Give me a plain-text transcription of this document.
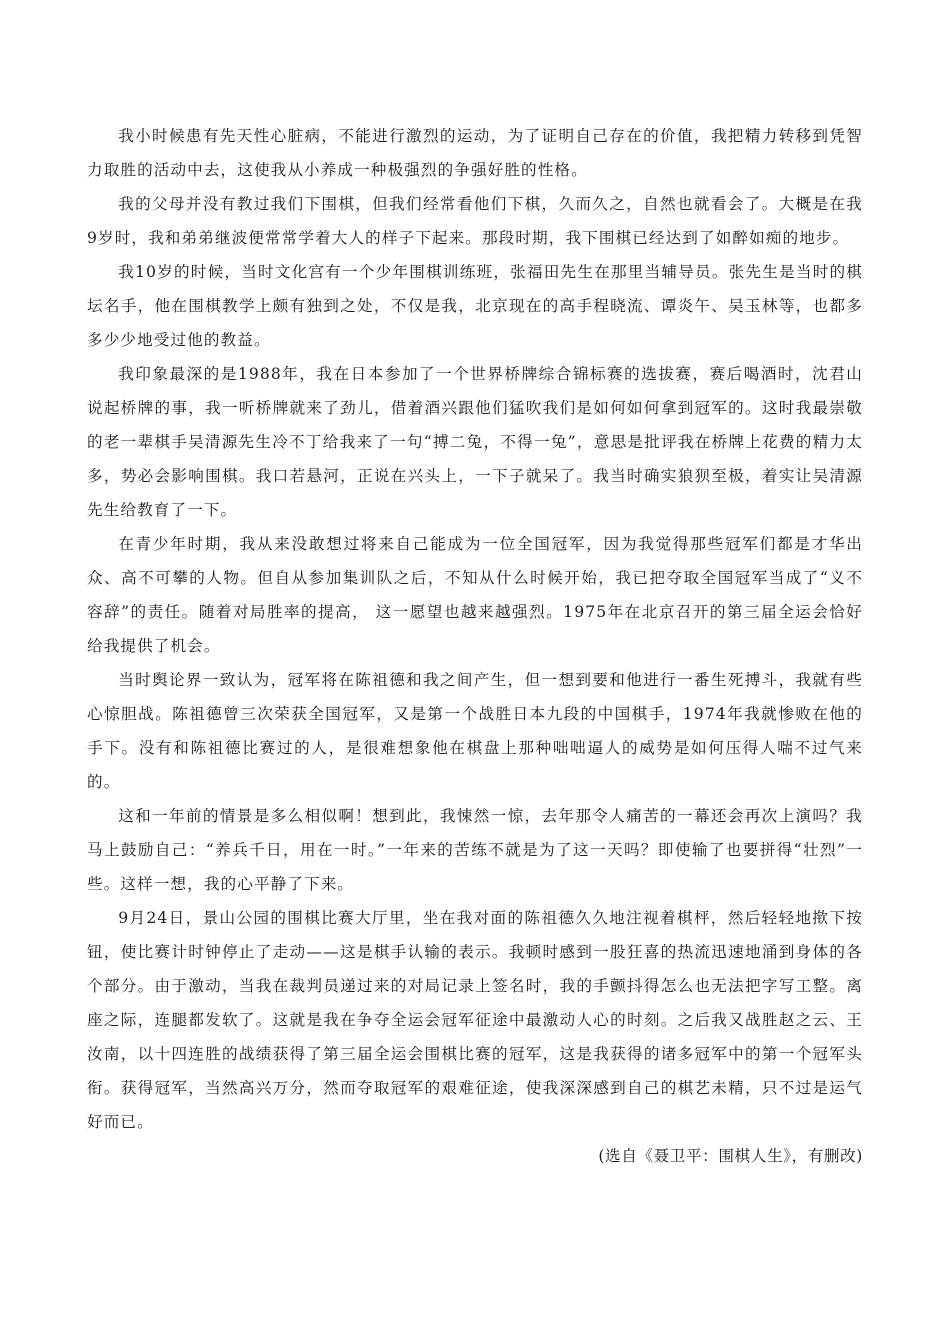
我小时候患有先天性心脏病，不能进行激烈的运动，为了证明自己存在的价值，我把精力转移到凭智力取胜的活动中去，这使我从小养成一种极强烈的争强好胜的性格。

我的父母并没有教过我们下围棋，但我们经常看他们下棋，久而久之，自然也就看会了。大概是在我9岁时，我和弟弟继波便常常学着大人的样子下起来。那段时期，我下围棋已经达到了如醉如痴的地步。

我10岁的时候，当时文化宫有一个少年围棋训练班，张福田先生在那里当辅导员。张先生是当时的棋坛名手，他在围棋教学上颇有独到之处，不仅是我，北京现在的高手程晓流、谭炎午、吴玉林等，也都多多少少地受过他的教益。

我印象最深的是1988年，我在日本参加了一个世界桥牌综合锦标赛的选拔赛，赛后喝酒时，沈君山说起桥牌的事，我一听桥牌就来了劲儿，借着酒兴跟他们猛吹我们是如何如何拿到冠军的。这时我最崇敬的老一辈棋手吴清源先生冷不丁给我来了一句“搏二兔，不得一兔”，意思是批评我在桥牌上花费的精力太多，势必会影响围棋。我口若悬河，正说在兴头上，一下子就呆了。我当时确实狼狈至极，着实让吴清源先生给教育了一下。

在青少年时期，我从来没敢想过将来自己能成为一位全国冠军，因为我觉得那些冠军们都是才华出众、高不可攀的人物。但自从参加集训队之后，不知从什么时候开始，我已把夺取全国冠军当成了“义不容辞”的责任。随着对局胜率的提高， 这一愿望也越来越强烈。1975年在北京召开的第三届全运会恰好给我提供了机会。

当时舆论界一致认为，冠军将在陈祖德和我之间产生，但一想到要和他进行一番生死搏斗，我就有些心惊胆战。陈祖德曾三次荣获全国冠军，又是第一个战胜日本九段的中国棋手，1974年我就惨败在他的手下。没有和陈祖德比赛过的人，是很难想象他在棋盘上那种咄咄逼人的威势是如何压得人喘不过气来的。

这和一年前的情景是多么相似啊！想到此，我悚然一惊，去年那令人痛苦的一幕还会再次上演吗？我马上鼓励自己：“养兵千日，用在一时。”一年来的苦练不就是为了这一天吗？即使输了也要拼得“壮烈”一些。这样一想，我的心平静了下来。

9月24日，景山公园的围棋比赛大厅里，坐在我对面的陈祖德久久地注视着棋枰，然后轻轻地揿下按钮，使比赛计时钟停止了走动——这是棋手认输的表示。我顿时感到一股狂喜的热流迅速地涌到身体的各个部分。由于激动，当我在裁判员递过来的对局记录上签名时，我的手颤抖得怎么也无法把字写工整。离座之际，连腿都发软了。这就是我在争夺全运会冠军征途中最激动人心的时刻。之后我又战胜赵之云、王汝南，以十四连胜的战绩获得了第三届全运会围棋比赛的冠军，这是我获得的诸多冠军中的第一个冠军头衔。获得冠军，当然高兴万分，然而夺取冠军的艰难征途，使我深深感到自己的棋艺未精，只不过是运气好而已。

(选自《聂卫平：围棋人生》，有删改)
